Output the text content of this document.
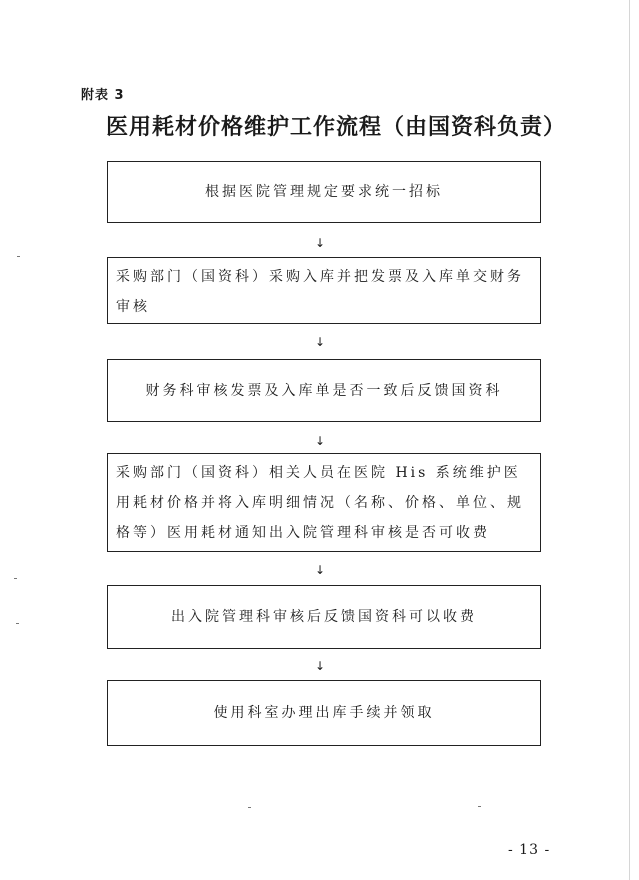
附表 3
医用耗材价格维护工作流程（由国资科负责）
根据医院管理规定要求统一招标
↓
采购部门（国资科）采购入库并把发票及入库单交财务审核
↓
财务科审核发票及入库单是否一致后反馈国资科
↓
采购部门（国资科）相关人员在医院 His 系统维护医用耗材价格并将入库明细情况（名称、价格、单位、规格等）医用耗材通知出入院管理科审核是否可收费
↓
出入院管理科审核后反馈国资科可以收费
↓
使用科室办理出库手续并领取
- 13 -
